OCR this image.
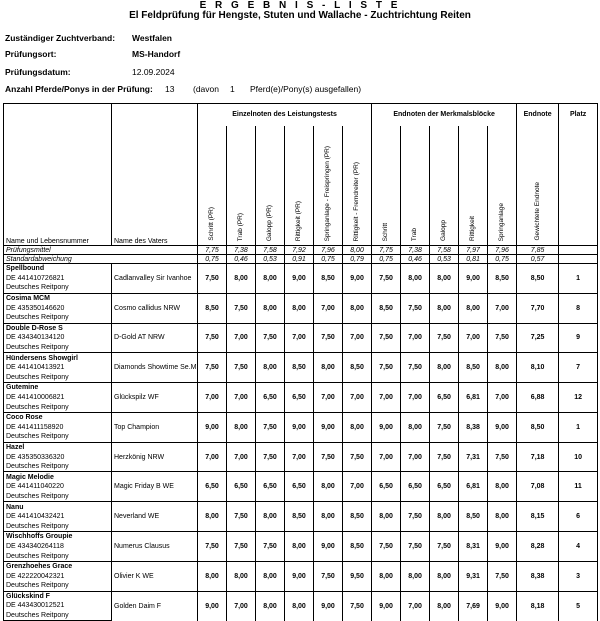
E R G E B N I S - L I S T E
El Feldprüfung für Hengste, Stuten und Wallache - Zuchtrichtung Reiten
Zuständiger Zuchtverband: Westfalen
Prüfungsort:	MS-Handorf
Prüfungsdatum:	12.09.2024
Anzahl Pferde/Ponys in der Prüfung: 13 (davon 1 Pferd(e)/Pony(s) ausgefallen)
		Einzelnoten des Leistungstests						Endnoten der Merkmalsblöcke					Endnote	Platz
Name und Lebensnummer	Name des Vaters	Schritt (PR)	Trab (PR)	Galopp (PR)	Rittigkeit (PR)	Springanlage - Freispringen (PR)	Rittigkeit - Fremdreiter (PR)	Schritt	Trab	Galopp	Rittigkeit	Springanlage	Gewichtete Endnote	
Prüfungsmittel		7,75	7,38	7,58	7,92	7,96	8,00	7,75	7,38	7,58	7,97	7,96	7,85	
Standardabweichung		0,75	0,46	0,53	0,91	0,75	0,79	0,75	0,46	0,53	0,81	0,75	0,57	
Spellbound	Cadlanvalley Sir Ivanhoe	7,50	8,00	8,00	9,00	8,50	9,00	7,50	8,00	8,00	9,00	8,50	8,50	1
DE 441410726821														
Deutsches Reitpony														
Cosima MCM	Cosmo callidus NRW	8,50	7,50	8,00	8,00	7,00	8,00	8,50	7,50	8,00	8,00	7,00	7,70	8
DE 435350146620														
Deutsches Reitpony														
Double D-Rose S	D-Gold AT NRW	7,50	7,00	7,50	7,00	7,50	7,00	7,50	7,00	7,50	7,00	7,50	7,25	9
DE 434340134120														
Deutsches Reitpony														
Hündersens Showgirl	Diamonds Showtime Se.M	7,50	7,50	8,00	8,50	8,00	8,50	7,50	7,50	8,00	8,50	8,00	8,10	7
DE 441410413921														
Deutsches Reitpony														
Gutemine	Glückspilz WF	7,00	7,00	6,50	6,50	7,00	7,00	7,00	7,00	6,50	6,81	7,00	6,88	12
DE 441410006821														
Deutsches Reitpony														
Coco Rose	Top Champion	9,00	8,00	7,50	9,00	9,00	8,00	9,00	8,00	7,50	8,38	9,00	8,50	1
DE 441411158920														
Deutsches Reitpony														
Hazel	Herzkönig NRW	7,00	7,00	7,50	7,00	7,50	7,50	7,00	7,00	7,50	7,31	7,50	7,18	10
DE 435350336320														
Deutsches Reitpony														
Magic Melodie	Magic Friday B WE	6,50	6,50	6,50	6,50	8,00	7,00	6,50	6,50	6,50	6,81	8,00	7,08	11
DE 441411040220														
Deutsches Reitpony														
Nanu	Neverland WE	8,00	7,50	8,00	8,50	8,00	8,50	8,00	7,50	8,00	8,50	8,00	8,15	6
DE 441410432421														
Deutsches Reitpony														
Wischhoffs Groupie	Numerus Clausus	7,50	7,50	7,50	8,00	9,00	8,50	7,50	7,50	7,50	8,31	9,00	8,28	4
DE 434340264118														
Deutsches Reitpony														
Grenzhoehes Grace	Olivier K WE	8,00	8,00	8,00	9,00	7,50	9,50	8,00	8,00	8,00	9,31	7,50	8,38	3
DE 422220042321														
Deutsches Reitpony														
Glückskind F	Golden Daim F	9,00	7,00	8,00	8,00	9,00	7,50	9,00	7,00	8,00	7,69	9,00	8,18	5
DE 443430012521														
Deutsches Reitpony														
